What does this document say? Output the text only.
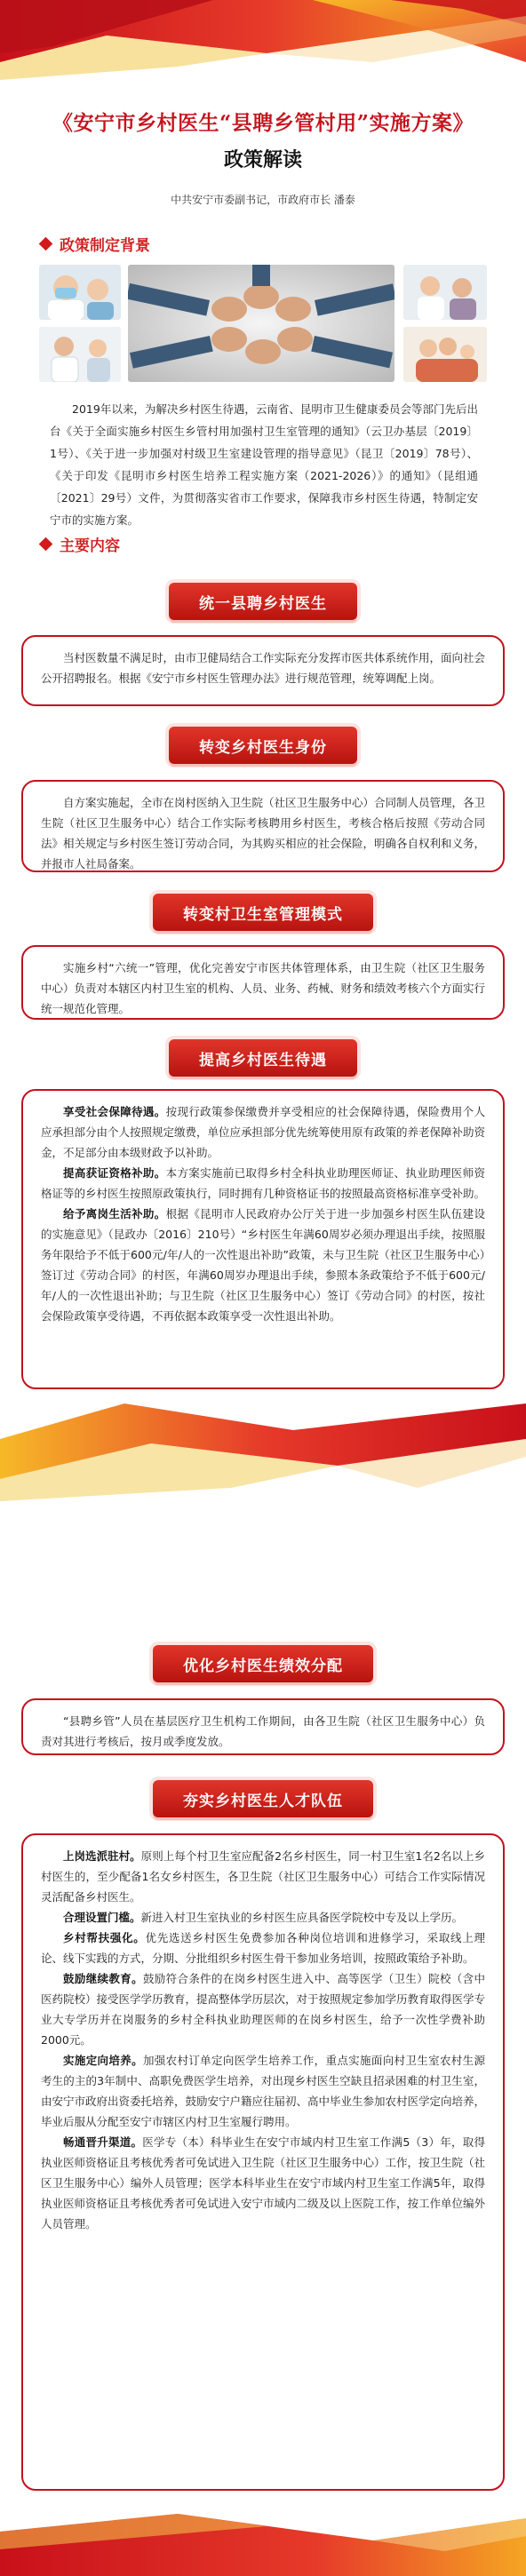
《安宁市乡村医生“县聘乡管村用”实施方案》
政策解读
中共安宁市委副书记，市政府市长 潘泰
政策制定背景

2019年以来，为解决乡村医生待遇，云南省、昆明市卫生健康委员会等部门先后出台《关于全面实施乡村医生乡管村用加强村卫生室管理的通知》（云卫办基层〔2019〕1号）、《关于进一步加强对村级卫生室建设管理的指导意见》（昆卫〔2019〕78号）、《关于印发《昆明市乡村医生培养工程实施方案（2021-2026）》的通知》（昆组通〔2021〕29号）文件，为贯彻落实省市工作要求，保障我市乡村医生待遇，特制定安宁市的实施方案。

主要内容
统一县聘乡村医生

当村医数量不满足时，由市卫健局结合工作实际充分发挥市医共体系统作用，面向社会公开招聘报名。根据《安宁市乡村医生管理办法》进行规范管理，统筹调配上岗。

转变乡村医生身份

自方案实施起，全市在岗村医纳入卫生院（社区卫生服务中心）合同制人员管理，各卫生院（社区卫生服务中心）结合工作实际考核聘用乡村医生，考核合格后按照《劳动合同法》相关规定与乡村医生签订劳动合同，为其购买相应的社会保险，明确各自权利和义务，并报市人社局备案。

转变村卫生室管理模式

实施乡村“六统一”管理，优化完善安宁市医共体管理体系，由卫生院（社区卫生服务中心）负责对本辖区内村卫生室的机构、人员、业务、药械、财务和绩效考核六个方面实行统一规范化管理。

提高乡村医生待遇

享受社会保障待遇。按现行政策参保缴费并享受相应的社会保障待遇，保险费用个人应承担部分由个人按照规定缴费，单位应承担部分优先统筹使用原有政策的养老保障补助资金，不足部分由本级财政予以补助。

提高获证资格补助。本方案实施前已取得乡村全科执业助理医师证、执业助理医师资格证等的乡村医生按照原政策执行，同时拥有几种资格证书的按照最高资格标准享受补助。

给予离岗生活补助。根据《昆明市人民政府办公厅关于进一步加强乡村医生队伍建设的实施意见》（昆政办〔2016〕210号）“乡村医生年满60周岁必须办理退出手续，按照服务年限给予不低于600元/年/人的一次性退出补助”政策，未与卫生院（社区卫生服务中心）签订过《劳动合同》的村医，年满60周岁办理退出手续，参照本条政策给予不低于600元/年/人的一次性退出补助；与卫生院（社区卫生服务中心）签订《劳动合同》的村医，按社会保险政策享受待遇，不再依据本政策享受一次性退出补助。

优化乡村医生绩效分配

“县聘乡管”人员在基层医疗卫生机构工作期间，由各卫生院（社区卫生服务中心）负责对其进行考核后，按月或季度发放。

夯实乡村医生人才队伍

上岗选派驻村。原则上每个村卫生室应配备2名乡村医生，同一村卫生室1名2名以上乡村医生的，至少配备1名女乡村医生，各卫生院（社区卫生服务中心）可结合工作实际情况灵活配备乡村医生。

合理设置门槛。新进入村卫生室执业的乡村医生应具备医学院校中专及以上学历。

乡村帮扶强化。优先选送乡村医生免费参加各种岗位培训和进修学习，采取线上理论、线下实践的方式，分期、分批组织乡村医生骨干参加业务培训，按照政策给予补助。

鼓励继续教育。鼓励符合条件的在岗乡村医生进入中、高等医学（卫生）院校（含中医药院校）接受医学学历教育，提高整体学历层次，对于按照规定参加学历教育取得医学专业大专学历并在岗服务的乡村全科执业助理医师的在岗乡村医生，给予一次性学费补助2000元。

实施定向培养。加强农村订单定向医学生培养工作，重点实施面向村卫生室农村生源考生的主的3年制中、高职免费医学生培养，对出现乡村医生空缺且招录困难的村卫生室，由安宁市政府出资委托培养，鼓励安宁户籍应往届初、高中毕业生参加农村医学定向培养，毕业后服从分配至安宁市辖区内村卫生室履行聘用。

畅通晋升渠道。医学专（本）科毕业生在安宁市域内村卫生室工作满5（3）年，取得执业医师资格证且考核优秀者可免试进入卫生院（社区卫生服务中心）工作，按卫生院（社区卫生服务中心）编外人员管理；医学本科毕业生在安宁市域内村卫生室工作满5年，取得执业医师资格证且考核优秀者可免试进入安宁市域内二级及以上医院工作，按工作单位编外人员管理。
